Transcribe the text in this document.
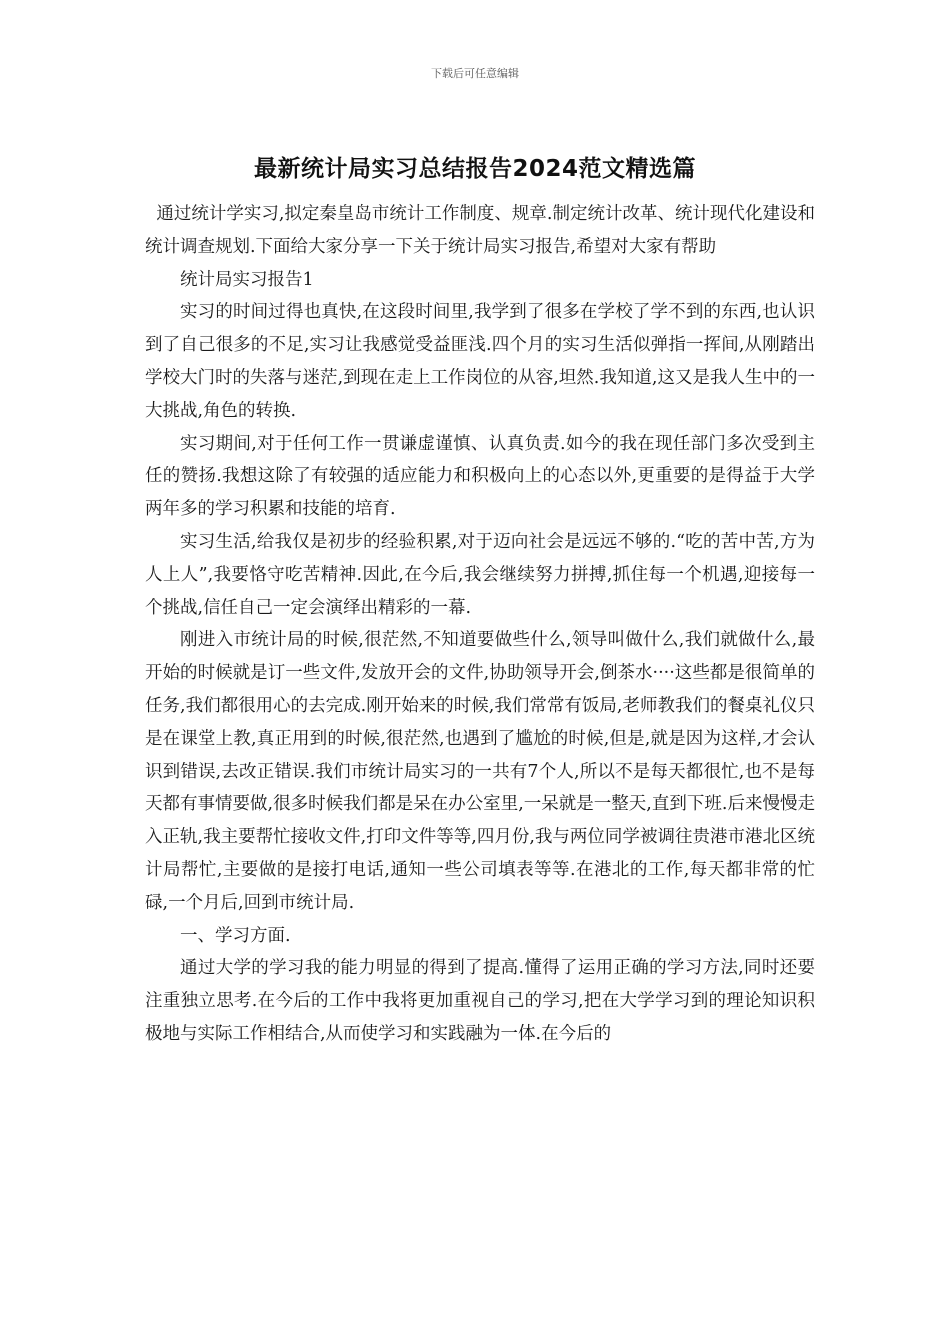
下载后可任意编辑
最新统计局实习总结报告2024范文精选篇

通过统计学实习,拟定秦皇岛市统计工作制度、规章.制定统计改革、统计现代化建设和统计调查规划.下面给大家分享一下关于统计局实习报告,希望对大家有帮助

统计局实习报告1

实习的时间过得也真快,在这段时间里,我学到了很多在学校了学不到的东西,也认识到了自己很多的不足,实习让我感觉受益匪浅.四个月的实习生活似弹指一挥间,从刚踏出学校大门时的失落与迷茫,到现在走上工作岗位的从容,坦然.我知道,这又是我人生中的一大挑战,角色的转换.

实习期间,对于任何工作一贯谦虚谨慎、认真负责.如今的我在现任部门多次受到主任的赞扬.我想这除了有较强的适应能力和积极向上的心态以外,更重要的是得益于大学两年多的学习积累和技能的培育.

实习生活,给我仅是初步的经验积累,对于迈向社会是远远不够的.“吃的苦中苦,方为人上人”,我要恪守吃苦精神.因此,在今后,我会继续努力拼搏,抓住每一个机遇,迎接每一个挑战,信任自己一定会演绎出精彩的一幕.

刚进入市统计局的时候,很茫然,不知道要做些什么,领导叫做什么,我们就做什么,最开始的时候就是订一些文件,发放开会的文件,协助领导开会,倒茶水····这些都是很简单的任务,我们都很用心的去完成.刚开始来的时候,我们常常有饭局,老师教我们的餐桌礼仪只是在课堂上教,真正用到的时候,很茫然,也遇到了尴尬的时候,但是,就是因为这样,才会认识到错误,去改正错误.我们市统计局实习的一共有7个人,所以不是每天都很忙,也不是每天都有事情要做,很多时候我们都是呆在办公室里,一呆就是一整天,直到下班.后来慢慢走入正轨,我主要帮忙接收文件,打印文件等等,四月份,我与两位同学被调往贵港市港北区统计局帮忙,主要做的是接打电话,通知一些公司填表等等.在港北的工作,每天都非常的忙碌,一个月后,回到市统计局.

一、学习方面.

通过大学的学习我的能力明显的得到了提高.懂得了运用正确的学习方法,同时还要注重独立思考.在今后的工作中我将更加重视自己的学习,把在大学学习到的理论知识积极地与实际工作相结合,从而使学习和实践融为一体.在今后的
